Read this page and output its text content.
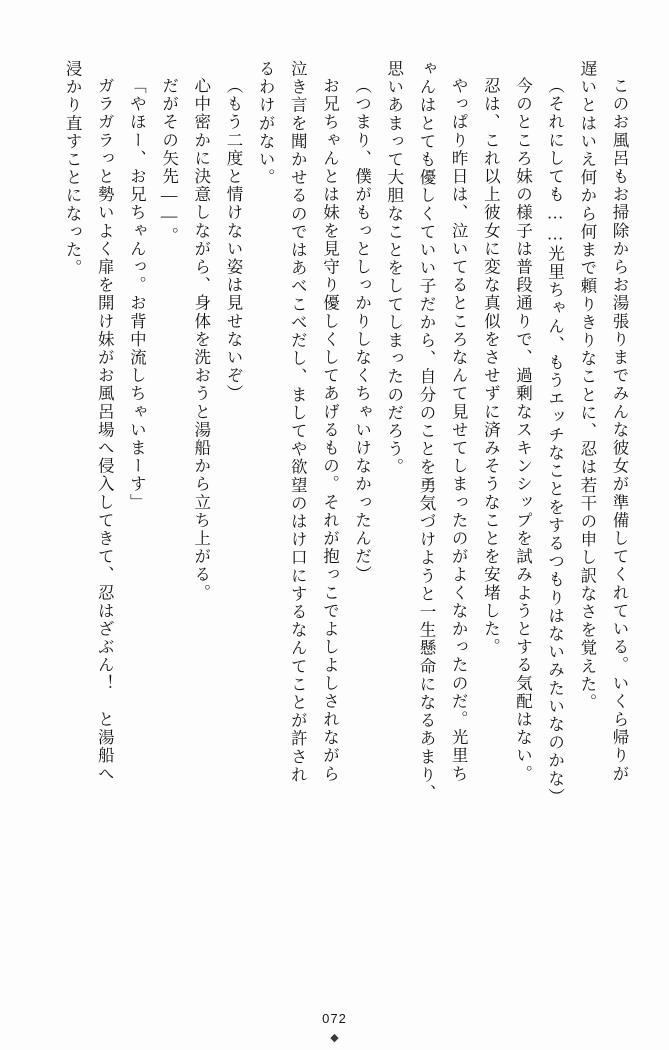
このお風呂もお掃除からお湯張りまでみんな彼女が準備してくれている。いくら帰りが

遅いとはいえ何から何まで頼りきりなことに、忍は若干の申し訳なさを覚えた。

（それにしても……光里ちゃん、もうエッチなことをするつもりはないみたいなのかな）

今のところ妹の様子は普段通りで、過剰なスキンシップを試みようとする気配はない。

忍は、これ以上彼女に変な真似をさせずに済みそうなことを安堵した。

やっぱり昨日は、泣いてるところなんて見せてしまったのがよくなかったのだ。光里ち

ゃんはとても優しくていい子だから、自分のことを勇気づけようと一生懸命になるあまり、

思いあまって大胆なことをしてしまったのだろう。

（つまり、僕がもっとしっかりしなくちゃいけなかったんだ）

お兄ちゃんとは妹を見守り優しくしてあげるもの。それが抱っこでよしよしされながら

泣き言を聞かせるのではあべこべだし、ましてや欲望のはけ口にするなんてことが許され

るわけがない。

（もう二度と情けない姿は見せないぞ）

心中密かに決意しながら、身体を洗おうと湯船から立ち上がる。

だがその矢先――。

「やほー、お兄ちゃんっ。お背中流しちゃいまーす」

ガラガラっと勢いよく扉を開け妹がお風呂場へ侵入してきて、忍はざぶん！　と湯船へ

浸かり直すことになった。

072
◆
